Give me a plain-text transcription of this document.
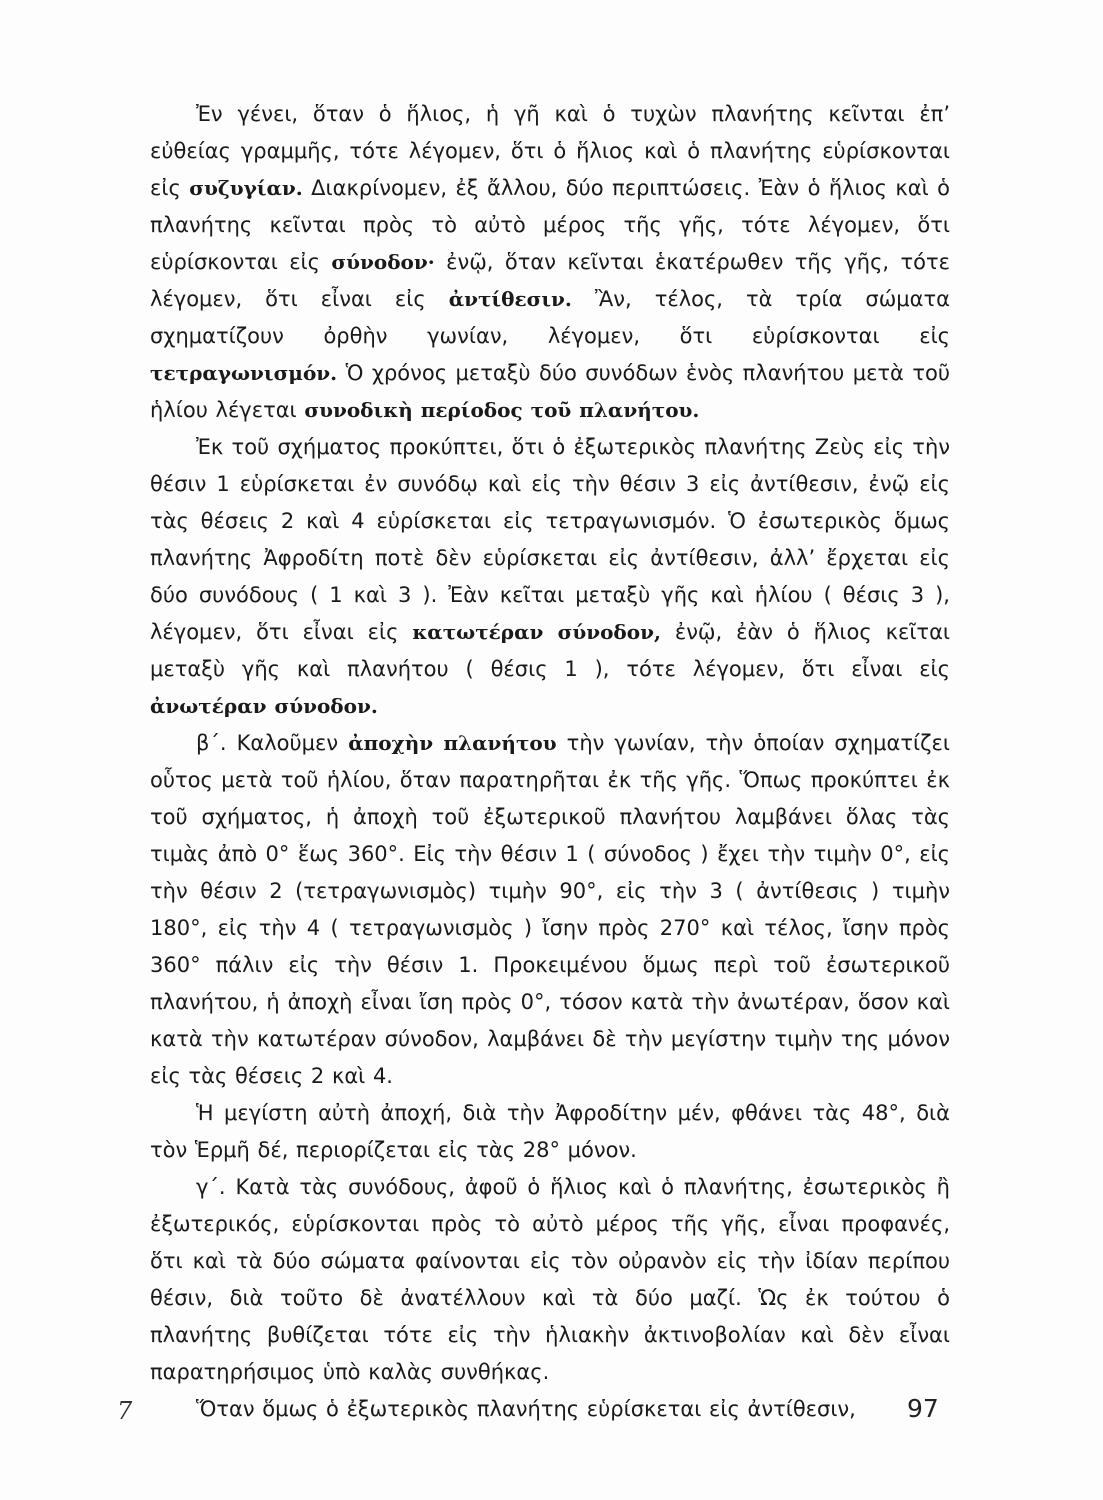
Ἐν γένει, ὅταν ὁ ἥλιος, ἡ γῆ καὶ ὁ τυχὼν πλανήτης κεῖνται ἐπ’ εὐθείας γραμμῆς, τότε λέγομεν, ὅτι ὁ ἥλιος καὶ ὁ πλανήτης εὑρίσκονται εἰς συζυγίαν. Διακρίνομεν, ἐξ ἄλλου, δύο περιπτώσεις. Ἐὰν ὁ ἥλιος καὶ ὁ πλανήτης κεῖνται πρὸς τὸ αὐτὸ μέρος τῆς γῆς, τότε λέγομεν, ὅτι εὑρίσκονται εἰς σύνοδον· ἐνῷ, ὅταν κεῖνται ἑκατέρωθεν τῆς γῆς, τότε λέγομεν, ὅτι εἶναι εἰς ἀντίθεσιν. Ἂν, τέλος, τὰ τρία σώματα σχηματίζουν ὀρθὴν γωνίαν, λέγομεν, ὅτι εὑρίσκονται εἰς τετραγωνισμόν. Ὁ χρόνος μεταξὺ δύο συνόδων ἑνὸς πλανήτου μετὰ τοῦ ἡλίου λέγεται συνοδικὴ περίοδος τοῦ πλανήτου.

Ἐκ τοῦ σχήματος προκύπτει, ὅτι ὁ ἐξωτερικὸς πλανήτης Ζεὺς εἰς τὴν θέσιν 1 εὑρίσκεται ἐν συνόδῳ καὶ εἰς τὴν θέσιν 3 εἰς ἀντίθεσιν, ἐνῷ εἰς τὰς θέσεις 2 καὶ 4 εὑρίσκεται εἰς τετραγωνισμόν. Ὁ ἐσωτερικὸς ὅμως πλανήτης Ἀφροδίτη ποτὲ δὲν εὑρίσκεται εἰς ἀντίθεσιν, ἀλλ’ ἔρχεται εἰς δύο συνόδους ( 1 καὶ 3 ). Ἐὰν κεῖται μεταξὺ γῆς καὶ ἡλίου ( θέσις 3 ), λέγομεν, ὅτι εἶναι εἰς κατωτέραν σύνοδον, ἐνῷ, ἐὰν ὁ ἥλιος κεῖται μεταξὺ γῆς καὶ πλανήτου ( θέσις 1 ), τότε λέγομεν, ὅτι εἶναι εἰς ἀνωτέραν σύνοδον.

β΄. Καλοῦμεν ἀποχὴν πλανήτου τὴν γωνίαν, τὴν ὁποίαν σχηματίζει οὗτος μετὰ τοῦ ἡλίου, ὅταν παρατηρῆται ἐκ τῆς γῆς. Ὅπως προκύπτει ἐκ τοῦ σχήματος, ἡ ἀποχὴ τοῦ ἐξωτερικοῦ πλανήτου λαμβάνει ὅλας τὰς τιμὰς ἀπὸ 0° ἕως 360°. Εἰς τὴν θέσιν 1 ( σύνοδος ) ἔχει τὴν τιμὴν 0°, εἰς τὴν θέσιν 2 (τετραγωνισμὸς) τιμὴν 90°, εἰς τὴν 3 ( ἀντίθεσις ) τιμὴν 180°, εἰς τὴν 4 ( τετραγωνισμὸς ) ἴσην πρὸς 270° καὶ τέλος, ἴσην πρὸς 360° πάλιν εἰς τὴν θέσιν 1. Προκειμένου ὅμως περὶ τοῦ ἐσωτερικοῦ πλανήτου, ἡ ἀποχὴ εἶναι ἴση πρὸς 0°, τόσον κατὰ τὴν ἀνωτέραν, ὅσον καὶ κατὰ τὴν κατωτέραν σύνοδον, λαμβάνει δὲ τὴν μεγίστην τιμὴν της μόνον εἰς τὰς θέσεις 2 καὶ 4.

Ἡ μεγίστη αὐτὴ ἀποχή, διὰ τὴν Ἀφροδίτην μέν, φθάνει τὰς 48°, διὰ τὸν Ἑρμῆ δέ, περιορίζεται εἰς τὰς 28° μόνον.

γ΄. Κατὰ τὰς συνόδους, ἀφοῦ ὁ ἥλιος καὶ ὁ πλανήτης, ἐσωτερικὸς ἢ ἐξωτερικός, εὑρίσκονται πρὸς τὸ αὐτὸ μέρος τῆς γῆς, εἶναι προφανές, ὅτι καὶ τὰ δύο σώματα φαίνονται εἰς τὸν οὐρανὸν εἰς τὴν ἰδίαν περίπου θέσιν, διὰ τοῦτο δὲ ἀνατέλλουν καὶ τὰ δύο μαζί. Ὡς ἐκ τούτου ὁ πλανήτης βυθίζεται τότε εἰς τὴν ἡλιακὴν ἀκτινοβολίαν καὶ δὲν εἶναι παρατηρήσιμος ὑπὸ καλὰς συνθήκας.

Ὅταν ὅμως ὁ ἐξωτερικὸς πλανήτης εὑρίσκεται εἰς ἀντίθεσιν,

7	97
